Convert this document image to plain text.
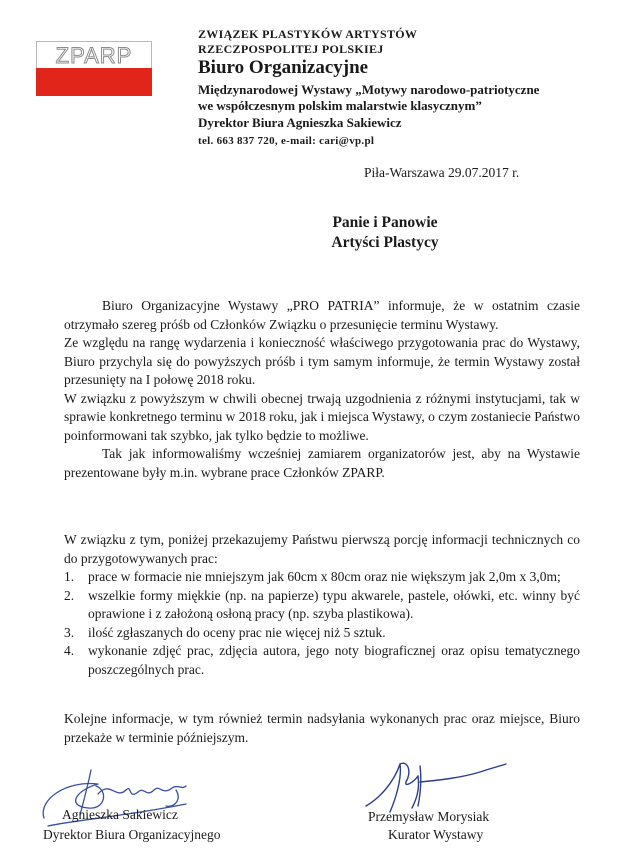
ZPARP
ZWIĄZEK PLASTYKÓW ARTYSTÓW
RZECZPOSPOLITEJ POLSKIEJ
Biuro Organizacyjne
Międzynarodowej Wystawy „Motywy narodowo-patriotyczne
we współczesnym polskim malarstwie klasycznym”
Dyrektor Biura Agnieszka Sakiewicz
tel. 663 837 720, e-mail: cari@vp.pl
Piła-Warszawa 29.07.2017 r.
Panie i Panowie
Artyści Plastycy

Biuro Organizacyjne Wystawy „PRO PATRIA” informuje, że w ostatnim czasie otrzymało szereg próśb od Członków Związku o przesunięcie terminu Wystawy.

Ze względu na rangę wydarzenia i konieczność właściwego przygotowania prac do Wystawy, Biuro przychyla się do powyższych próśb i tym samym informuje, że termin Wystawy został przesunięty na I połowę 2018 roku.

W związku z powyższym w chwili obecnej trwają uzgodnienia z różnymi instytucjami, tak w sprawie konkretnego terminu w 2018 roku, jak i miejsca Wystawy, o czym zostaniecie Państwo poinformowani tak szybko, jak tylko będzie to możliwe.

Tak jak informowaliśmy wcześniej zamiarem organizatorów jest, aby na Wystawie prezentowane były m.in. wybrane prace Członków ZPARP.

W związku z tym, poniżej przekazujemy Państwu pierwszą porcję informacji technicznych co do przygotowywanych prac:

1. prace w formacie nie mniejszym jak 60cm x 80cm oraz nie większym jak 2,0m x 3,0m;
2. wszelkie formy miękkie (np. na papierze) typu akwarele, pastele, ołówki, etc. winny być oprawione i z założoną osłoną pracy (np. szyba plastikowa).
3. ilość zgłaszanych do oceny prac nie więcej niż 5 sztuk.
4. wykonanie zdjęć prac, zdjęcia autora, jego noty biograficznej oraz opisu tematycznego poszczególnych prac.

Kolejne informacje, w tym również termin nadsyłania wykonanych prac oraz miejsce, Biuro przekaże w terminie późniejszym.

Agnieszka Sakiewicz
Dyrektor Biura Organizacyjnego
Przemysław Morysiak
Kurator Wystawy
